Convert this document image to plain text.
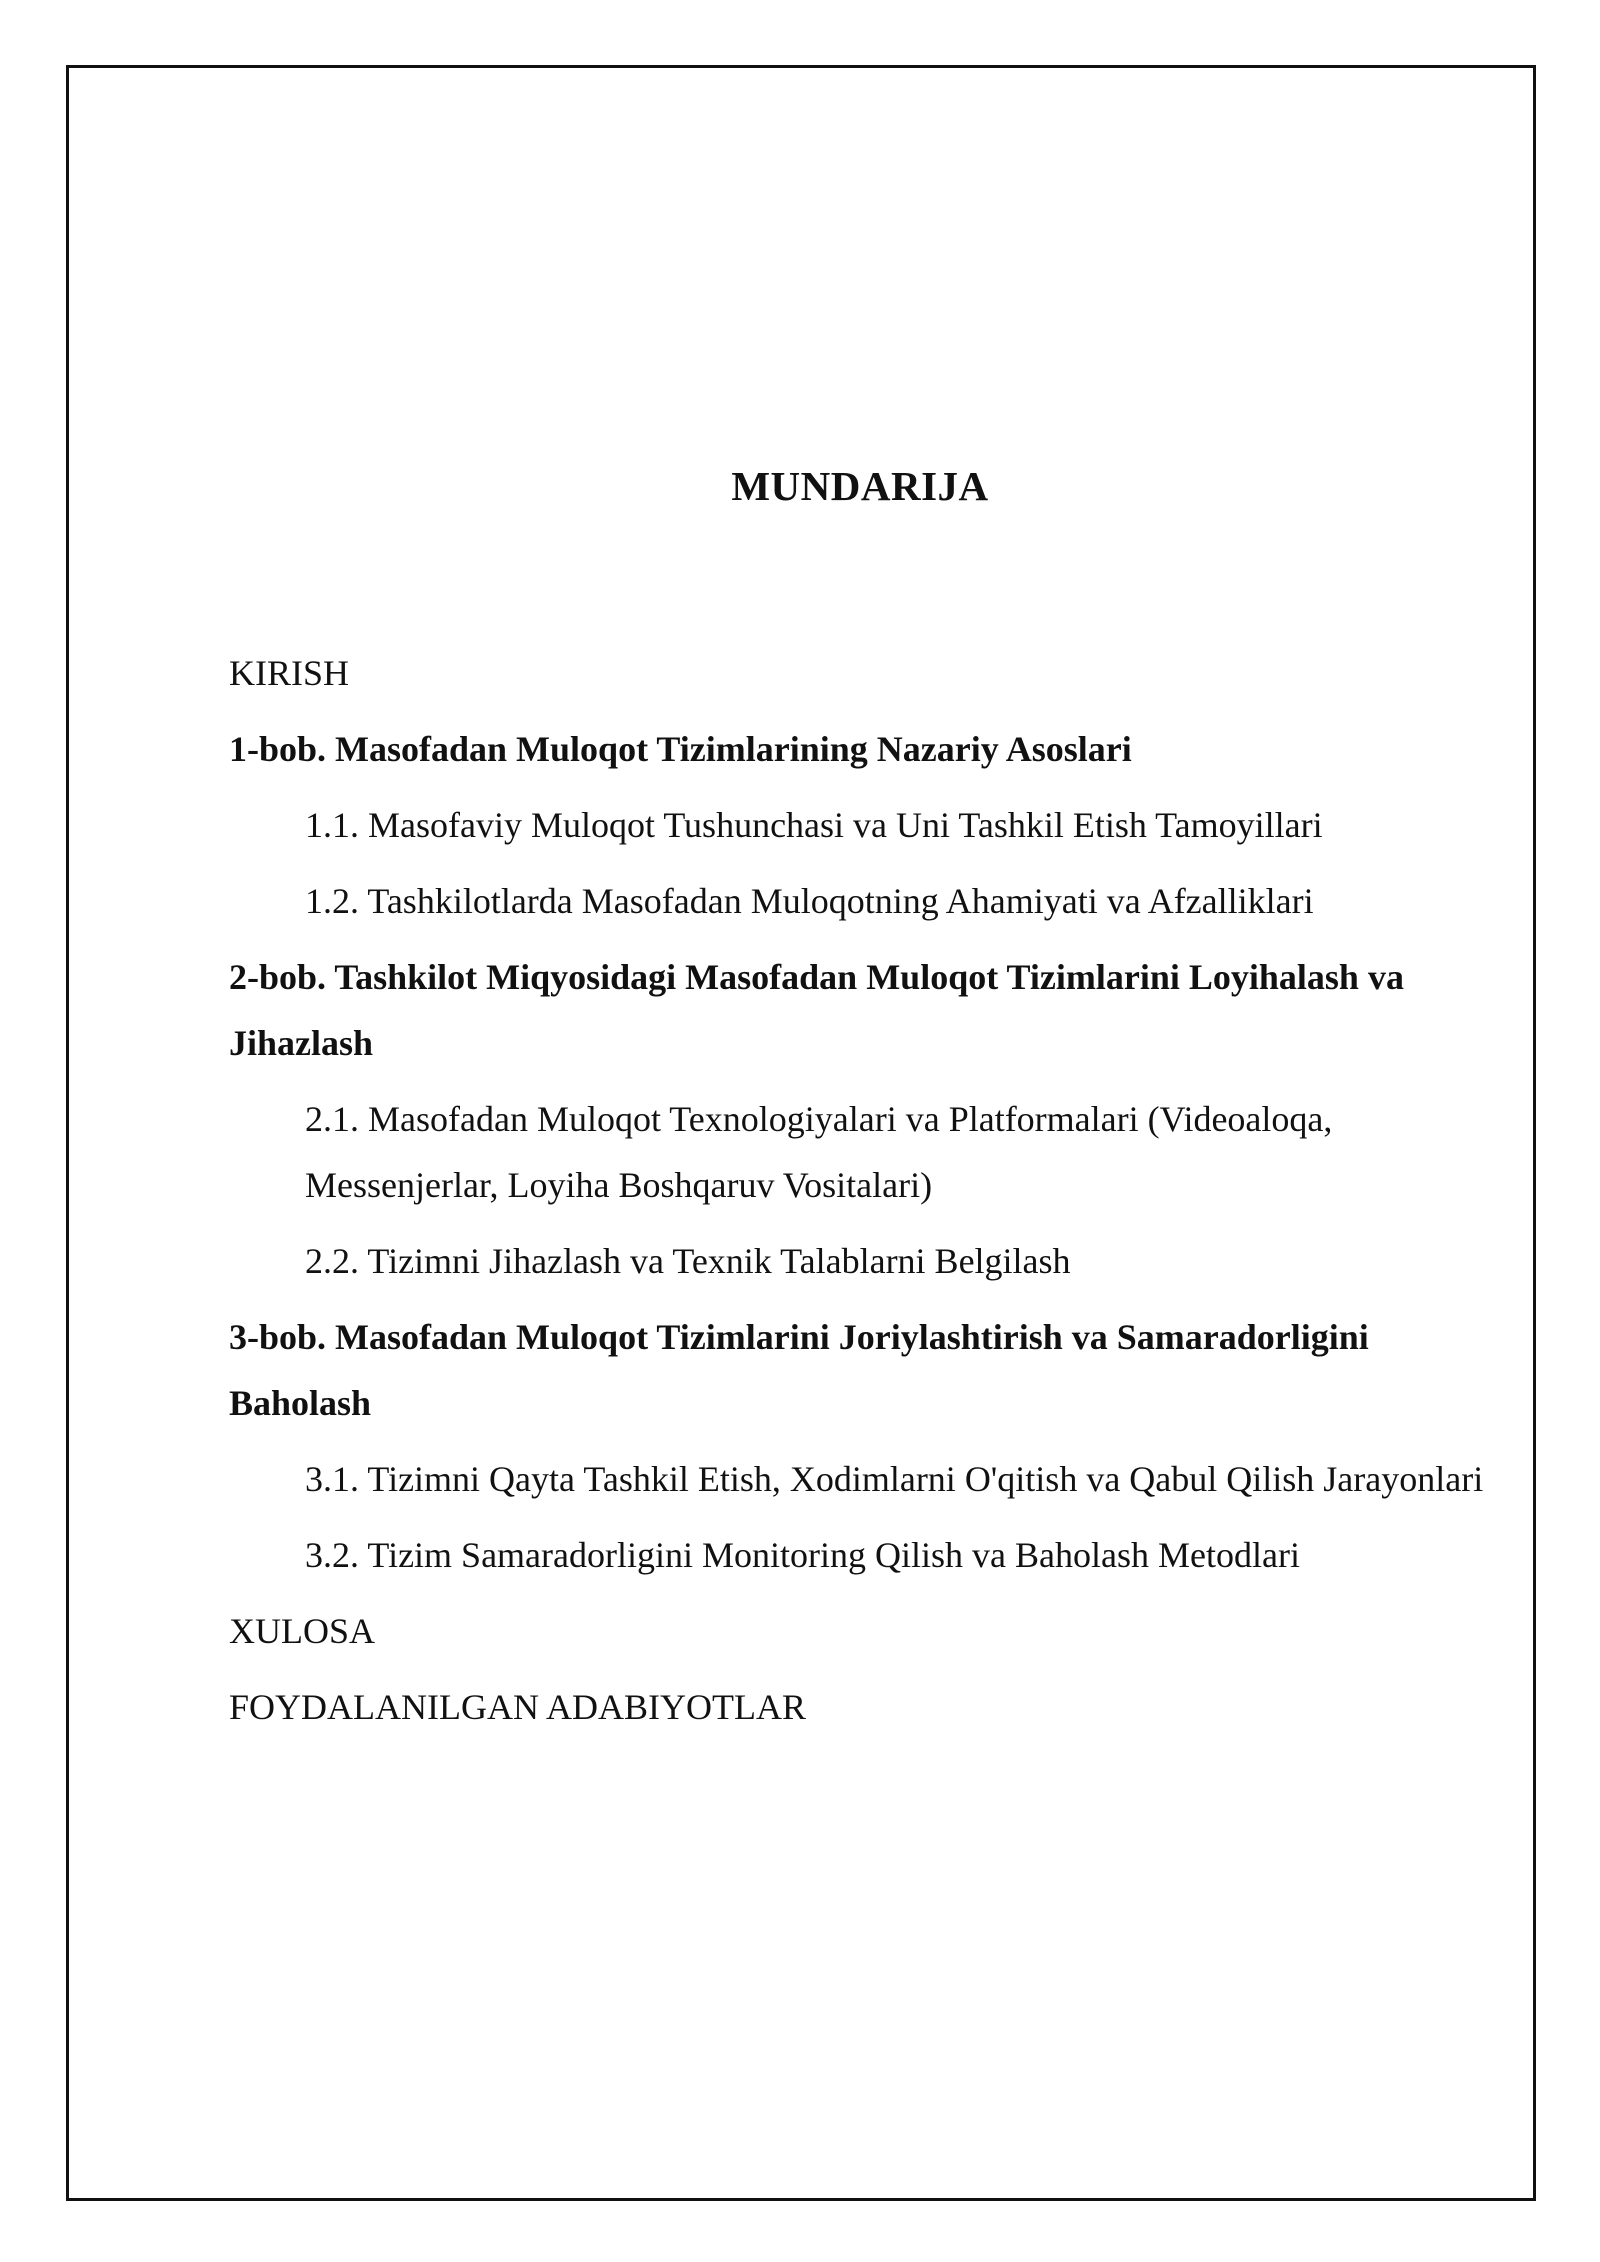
MUNDARIJA

KIRISH

1-bob. Masofadan Muloqot Tizimlarining Nazariy Asoslari

1.1. Masofaviy Muloqot Tushunchasi va Uni Tashkil Etish Tamoyillari

1.2. Tashkilotlarda Masofadan Muloqotning Ahamiyati va Afzalliklari

2-bob. Tashkilot Miqyosidagi Masofadan Muloqot Tizimlarini Loyihalash va Jihazlash

2.1. Masofadan Muloqot Texnologiyalari va Platformalari (Videoaloqa, Messenjerlar, Loyiha Boshqaruv Vositalari)

2.2. Tizimni Jihazlash va Texnik Talablarni Belgilash

3-bob. Masofadan Muloqot Tizimlarini Joriylashtirish va Samaradorligini Baholash

3.1. Tizimni Qayta Tashkil Etish, Xodimlarni O'qitish va Qabul Qilish Jarayonlari

3.2. Tizim Samaradorligini Monitoring Qilish va Baholash Metodlari

XULOSA

FOYDALANILGAN ADABIYOTLAR
